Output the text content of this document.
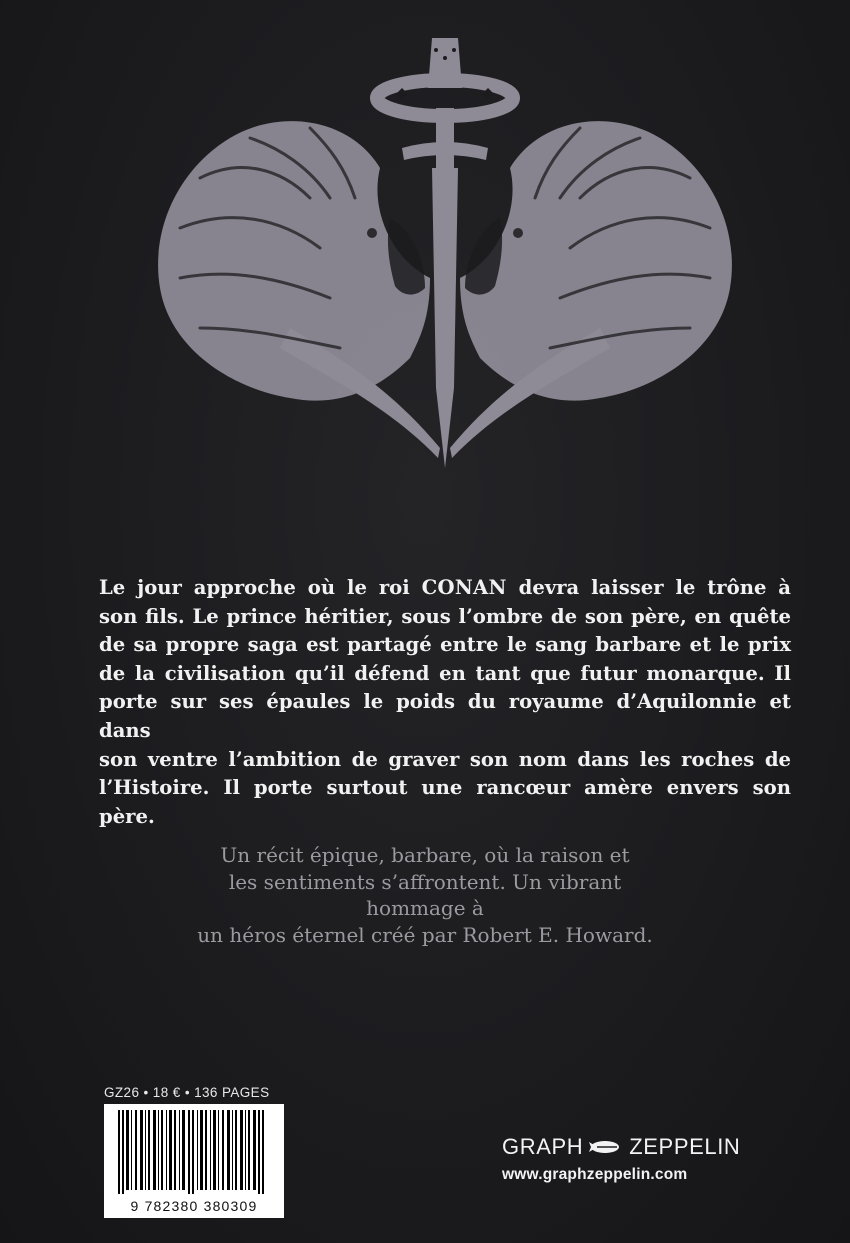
Le jour approche où le roi CONAN devra laisser le trône à
son fils. Le prince héritier, sous l’ombre de son père, en quête
de sa propre saga est partagé entre le sang barbare et le prix
de la civilisation qu’il défend en tant que futur monarque. Il
porte sur ses épaules le poids du royaume d’Aquilonnie et dans
son ventre l’ambition de graver son nom dans les roches de
l’Histoire. Il porte surtout une rancœur amère envers son père.

Un récit épique, barbare, où la raison et
les sentiments s’affrontent. Un vibrant hommage à
un héros éternel créé par Robert E. Howard.

GZ26 • 18 € • 136 PAGES
9 782380 380309
GRAPH ZEPPELIN
www.graphzeppelin.com
